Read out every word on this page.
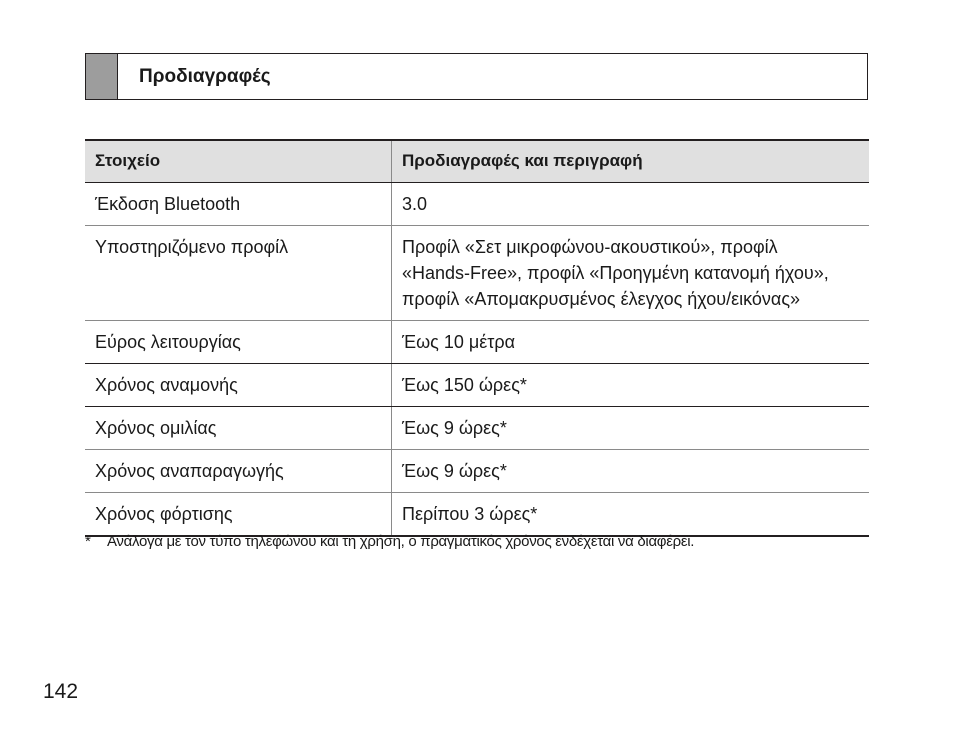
Προδιαγραφές
Στοιχείο	Προδιαγραφές και περιγραφή
Έκδοση Bluetooth	3.0
Υποστηριζόμενο προφίλ	Προφίλ «Σετ μικροφώνου-ακουστικού», προφίλ
«Hands-Free», προφίλ «Προηγμένη κατανομή ήχου»,
προφίλ «Απομακρυσμένος έλεγχος ήχου/εικόνας»

Εύρος λειτουργίας	Έως 10 μέτρα
Χρόνος αναμονής	Έως 150 ώρες*
Χρόνος ομιλίας	Έως 9 ώρες*
Χρόνος αναπαραγωγής	Έως 9 ώρες*
Χρόνος φόρτισης	Περίπου 3 ώρες*
*	Ανάλογα με τον τύπο τηλεφώνου και τη χρήση, ο πραγματικός χρόνος ενδέχεται να διαφέρει.
142
